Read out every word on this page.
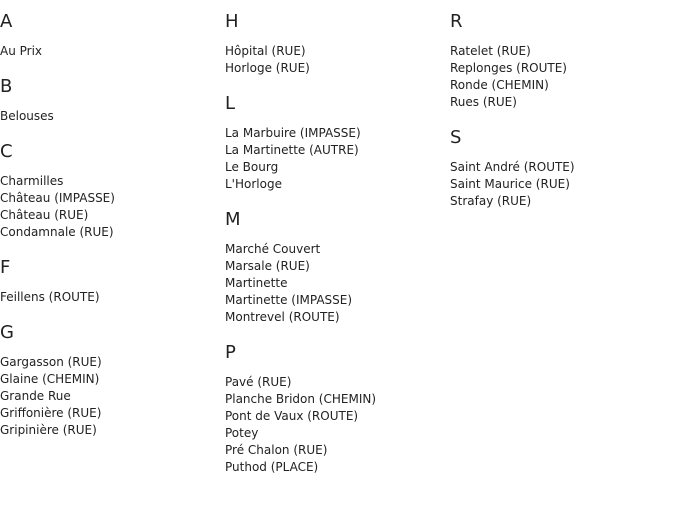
A
Au Prix
B
Belouses
C
Charmilles
Château (IMPASSE)
Château (RUE)
Condamnale (RUE)
F
Feillens (ROUTE)
G
Gargasson (RUE)
Glaine (CHEMIN)
Grande Rue
Griffonière (RUE)
Gripinière (RUE)
H
Hôpital (RUE)
Horloge (RUE)
L
La Marbuire (IMPASSE)
La Martinette (AUTRE)
Le Bourg
L'Horloge
M
Marché Couvert
Marsale (RUE)
Martinette
Martinette (IMPASSE)
Montrevel (ROUTE)
P
Pavé (RUE)
Planche Bridon (CHEMIN)
Pont de Vaux (ROUTE)
Potey
Pré Chalon (RUE)
Puthod (PLACE)
R
Ratelet (RUE)
Replonges (ROUTE)
Ronde (CHEMIN)
Rues (RUE)
S
Saint André (ROUTE)
Saint Maurice (RUE)
Strafay (RUE)
